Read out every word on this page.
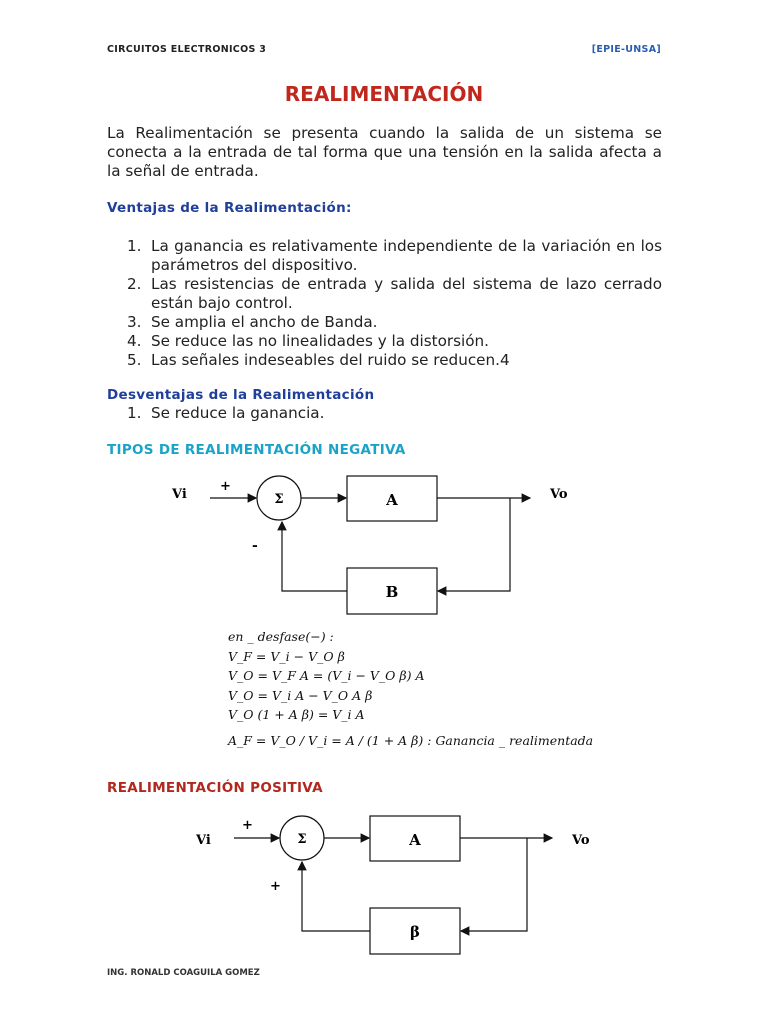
CIRCUITOS ELECTRONICOS 3	[EPIE-UNSA]
REALIMENTACIÓN
La Realimentación se presenta cuando la salida de un sistema se conecta a la entrada de tal forma que una tensión en la salida afecta a la señal de entrada.
Ventajas de la Realimentación:
1. La ganancia es relativamente independiente de la variación en los parámetros del dispositivo.
2. Las resistencias de entrada y salida del sistema de lazo cerrado están bajo control.
3. Se amplia el ancho de Banda.
4. Se reduce las no linealidades y la distorsión.
5. Las señales indeseables del ruido se reducen.4
Desventajas de la Realimentación
1. Se reduce la ganancia.
TIPOS DE REALIMENTACIÓN NEGATIVA
Vi
+
-
Σ	A	Vo
B
en _ desfase(−) :
V_F = V_i − V_O β
V_O = V_F A = (V_i − V_O β) A
V_O = V_i A − V_O A β
V_O (1 + A β) = V_i A
A_F = V_O / V_i = A / (1 + A β) : Ganancia _ realimentada
REALIMENTACIÓN POSITIVA
Vi
+
+
Σ	A	Vo
β
ING. RONALD COAGUILA GOMEZ
